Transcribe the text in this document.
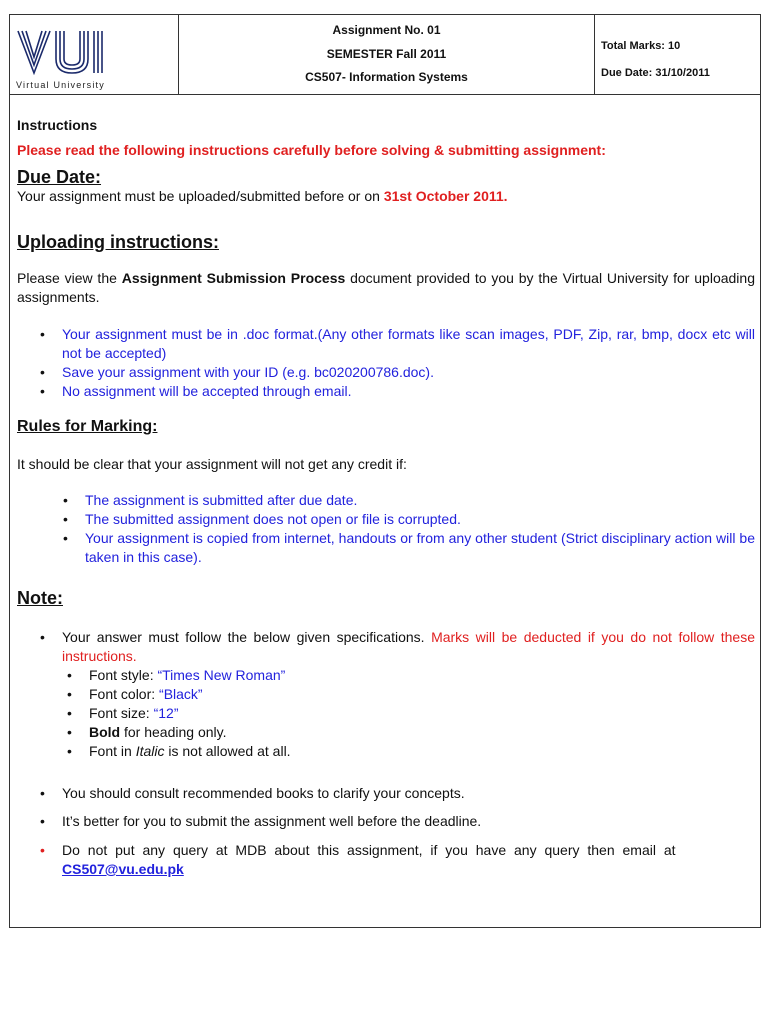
Virtual University
Assignment No. 01
SEMESTER Fall 2011
CS507- Information Systems
Total Marks: 10
Due Date: 31/10/2011
Instructions
Please read the following instructions carefully before solving & submitting assignment:
Due Date:
Your assignment must be uploaded/submitted before or on 31st October 2011.
Uploading instructions:
Please view the Assignment Submission Process document provided to you by the Virtual University for uploading assignments.
• Your assignment must be in .doc format.(Any other formats like scan images, PDF, Zip, rar, bmp, docx etc will not be accepted)
• Save your assignment with your ID (e.g. bc020200786.doc).
• No assignment will be accepted through email.
Rules for Marking:
It should be clear that your assignment will not get any credit if:
• The assignment is submitted after due date.
• The submitted assignment does not open or file is corrupted.
• Your assignment is copied from internet, handouts or from any other student (Strict disciplinary action will be taken in this case).
Note:
• Your answer must follow the below given specifications. Marks will be deducted if you do not follow these instructions.
• Font style: “Times New Roman”
• Font color: “Black”
• Font size: “12”
• Bold for heading only.
• Font in Italic is not allowed at all.
• You should consult recommended books to clarify your concepts.
• It’s better for you to submit the assignment well before the deadline.
• Do not put any query at MDB about this assignment, if you have any query then email at
CS507@vu.edu.pk
